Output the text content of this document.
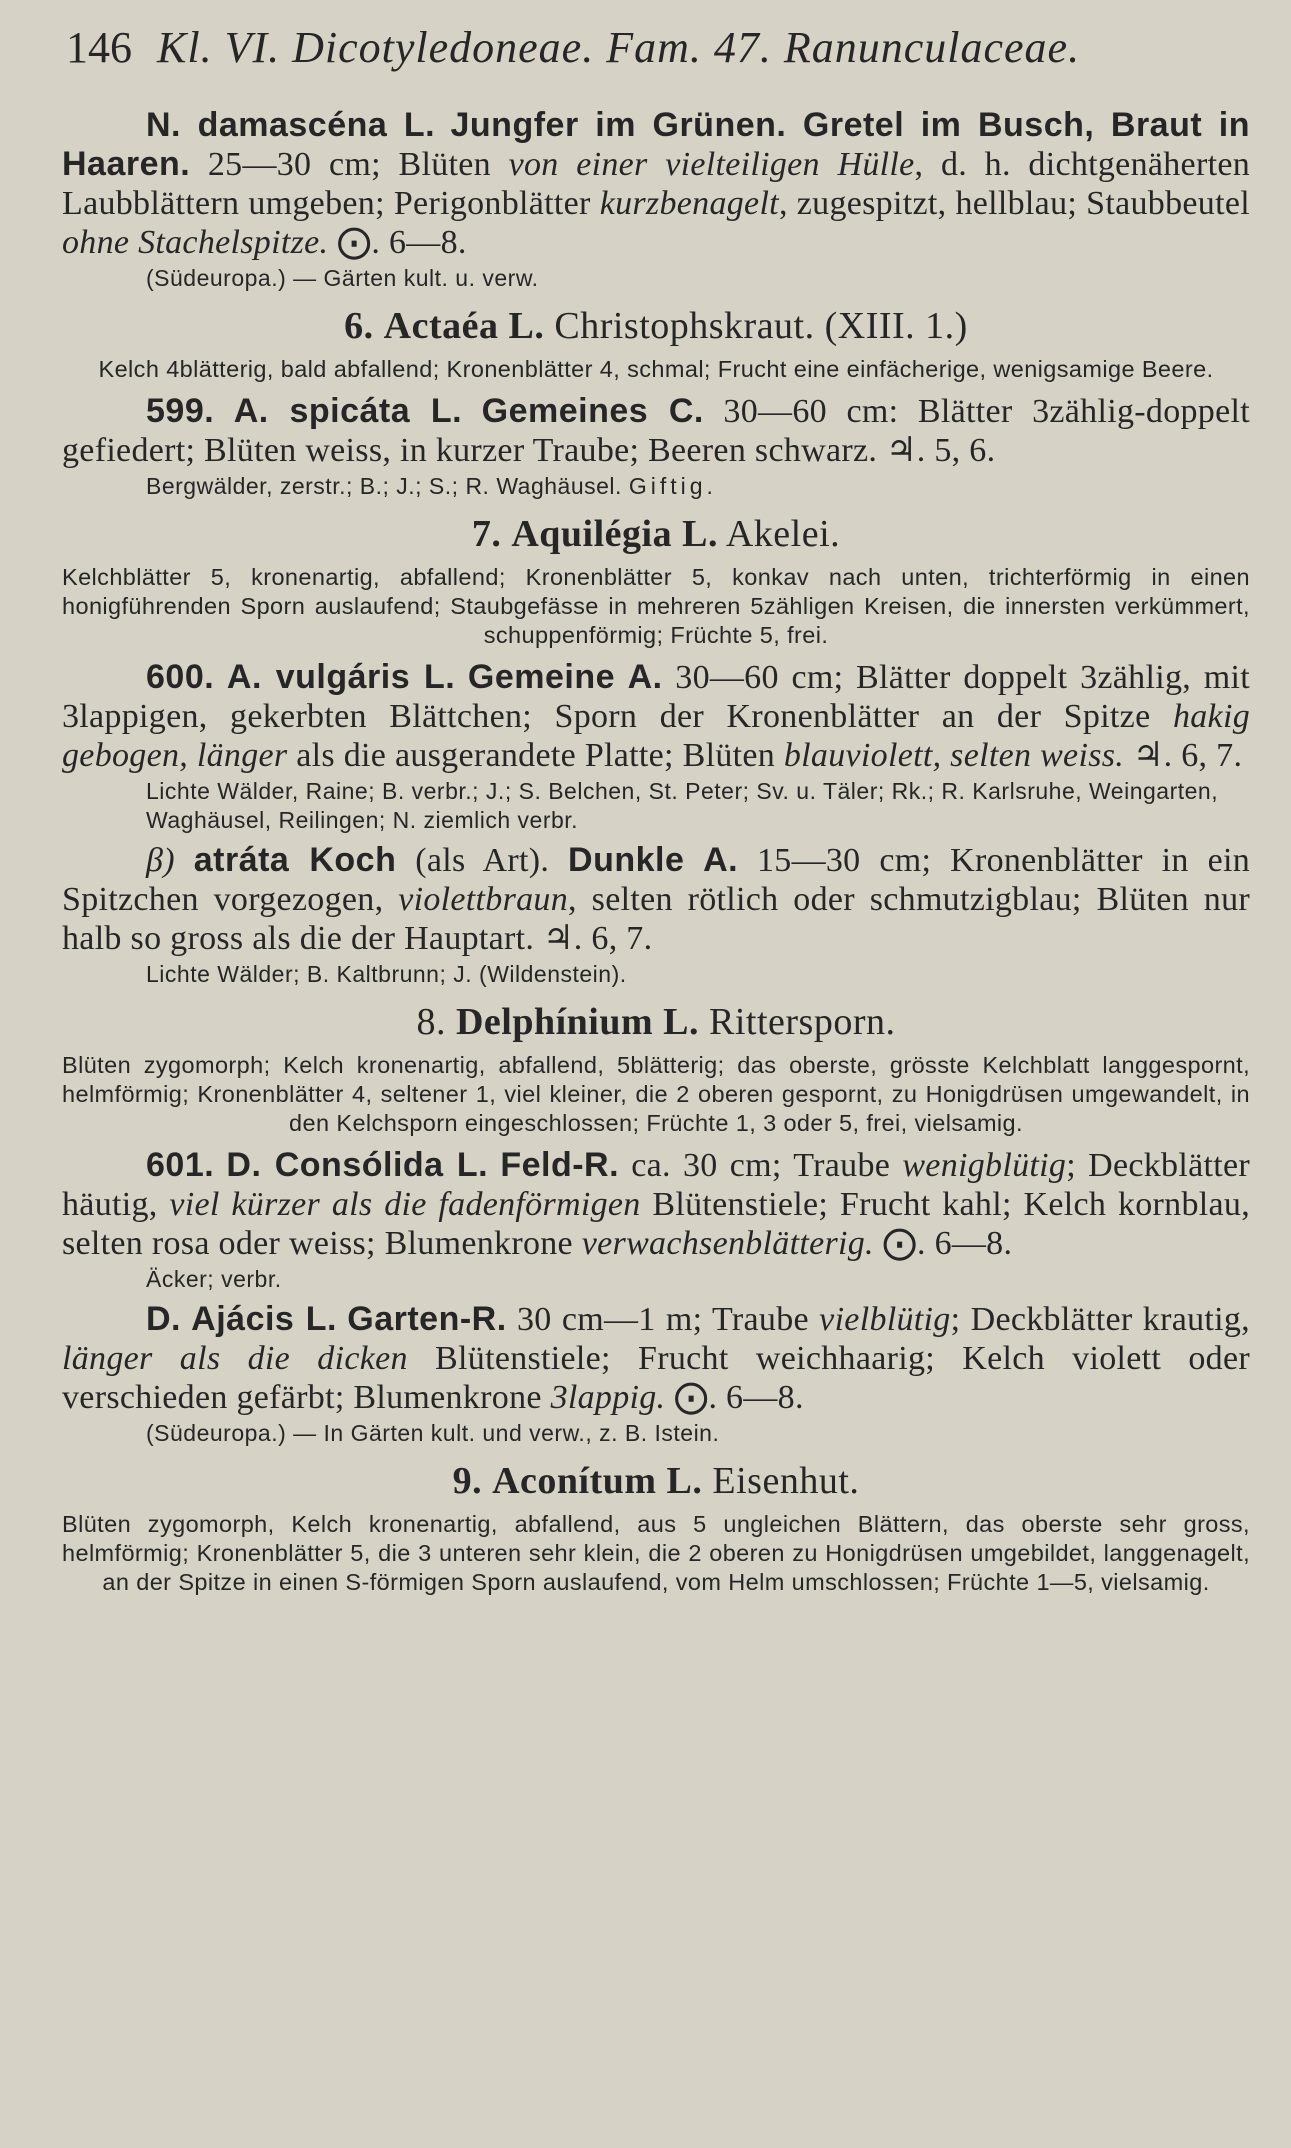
146 Kl. VI. Dicotyledoneae. Fam. 47. Ranunculaceae.
N. damascéna L. Jungfer im Grünen. Gretel im Busch, Braut in Haaren. 25—30 cm; Blüten von einer vielteiligen Hülle, d. h. dichtgenäherten Laubblättern umgeben; Perigonblätter kurzbenagelt, zugespitzt, hellblau; Staubbeutel ohne Stachelspitze. ⨀. 6—8.
(Südeuropa.) — Gärten kult. u. verw.
6. Actaéa L. Christophskraut. (XIII. 1.)
Kelch 4blätterig, bald abfallend; Kronenblätter 4, schmal; Frucht eine einfächerige, wenigsamige Beere.
599. A. spicáta L. Gemeines C. 30—60 cm: Blätter 3zählig-doppelt gefiedert; Blüten weiss, in kurzer Traube; Beeren schwarz. ♃. 5, 6.
Bergwälder, zerstr.; B.; J.; S.; R. Waghäusel. Giftig.
7. Aquilégia L. Akelei.
Kelchblätter 5, kronenartig, abfallend; Kronenblätter 5, konkav nach unten, trichterförmig in einen honigführenden Sporn auslaufend; Staubgefässe in mehreren 5zähligen Kreisen, die innersten verkümmert, schuppenförmig; Früchte 5, frei.
600. A. vulgáris L. Gemeine A. 30—60 cm; Blätter doppelt 3zählig, mit 3lappigen, gekerbten Blättchen; Sporn der Kronenblätter an der Spitze hakig gebogen, länger als die ausgerandete Platte; Blüten blauviolett, selten weiss. ♃. 6, 7.
Lichte Wälder, Raine; B. verbr.; J.; S. Belchen, St. Peter; Sv. u. Täler; Rk.; R. Karlsruhe, Weingarten, Waghäusel, Reilingen; N. ziemlich verbr.
β) atráta Koch (als Art). Dunkle A. 15—30 cm; Kronenblätter in ein Spitzchen vorgezogen, violettbraun, selten rötlich oder schmutzigblau; Blüten nur halb so gross als die der Hauptart. ♃. 6, 7.
Lichte Wälder; B. Kaltbrunn; J. (Wildenstein).
8. Delphínium L. Rittersporn.
Blüten zygomorph; Kelch kronenartig, abfallend, 5blätterig; das oberste, grösste Kelchblatt langgespornt, helmförmig; Kronenblätter 4, seltener 1, viel kleiner, die 2 oberen gespornt, zu Honigdrüsen umgewandelt, in den Kelchsporn eingeschlossen; Früchte 1, 3 oder 5, frei, vielsamig.
601. D. Consólida L. Feld-R. ca. 30 cm; Traube wenigblütig; Deckblätter häutig, viel kürzer als die fadenförmigen Blütenstiele; Frucht kahl; Kelch kornblau, selten rosa oder weiss; Blumenkrone verwachsenblätterig. ⨀. 6—8.
Äcker; verbr.
D. Ajácis L. Garten-R. 30 cm—1 m; Traube vielblütig; Deckblätter krautig, länger als die dicken Blütenstiele; Frucht weichhaarig; Kelch violett oder verschieden gefärbt; Blumenkrone 3lappig. ⨀. 6—8.
(Südeuropa.) — In Gärten kult. und verw., z. B. Istein.
9. Aconítum L. Eisenhut.
Blüten zygomorph, Kelch kronenartig, abfallend, aus 5 ungleichen Blättern, das oberste sehr gross, helmförmig; Kronenblätter 5, die 3 unteren sehr klein, die 2 oberen zu Honigdrüsen umgebildet, langgenagelt, an der Spitze in einen S-förmigen Sporn auslaufend, vom Helm umschlossen; Früchte 1—5, vielsamig.
